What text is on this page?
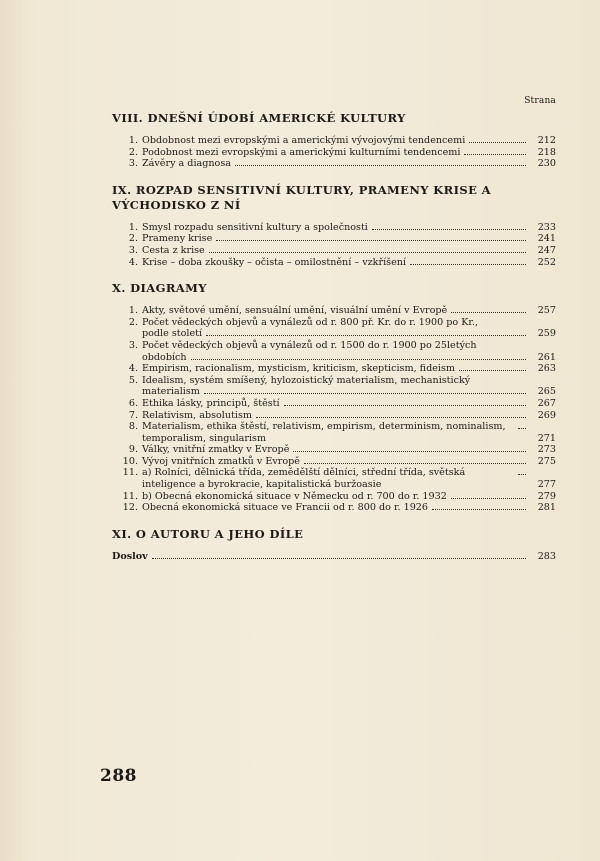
Strana
VIII. DNEŠNÍ ÚDOBÍ AMERICKÉ KULTURY
1. Obdobnost mezi evropskými a americkými vývojovými tendencemi	212
2. Podobnost mezi evropskými a americkými kulturními tendencemi	218
3. Závěry a diagnosa	230
IX. ROZPAD SENSITIVNÍ KULTURY, PRAMENY KRISE A VÝCHODISKO Z NÍ
1. Smysl rozpadu sensitivní kultury a společnosti	233
2. Prameny krise	241
3. Cesta z krise	247
4. Krise – doba zkoušky – očista – omilostnění – vzkříšení	252
X. DIAGRAMY
1. Akty, světové umění, sensuální umění, visuální umění v Evropě	257
2. Počet vědeckých objevů a vynálezů od r. 800 př. Kr. do r. 1900 po Kr.,
podle století	259
3. Počet vědeckých objevů a vynálezů od r. 1500 do r. 1900 po 25letých
obdobích	261
4. Empirism, racionalism, mysticism, kriticism, skepticism, fideism	263
5. Idealism, systém smíšený, hylozoistický materialism, mechanistický
materialism	265
6. Ethika lásky, principů, štěstí	267
7. Relativism, absolutism	269
8. Materialism, ethika štěstí, relativism, empirism, determinism, nominalism, temporalism, singularism	271
9. Války, vnitřní zmatky v Evropě	273
10. Vývoj vnitřních zmatků v Evropě	275
11. a) Rolníci, dělnická třída, zemědělští dělníci, střední třída, světská inteligence a byrokracie, kapitalistická buržoasie	277
11. b) Obecná ekonomická situace v Německu od r. 700 do r. 1932	279
12. Obecná ekonomická situace ve Francii od r. 800 do r. 1926	281
XI. O AUTORU A JEHO DÍLE
Doslov	283
288
